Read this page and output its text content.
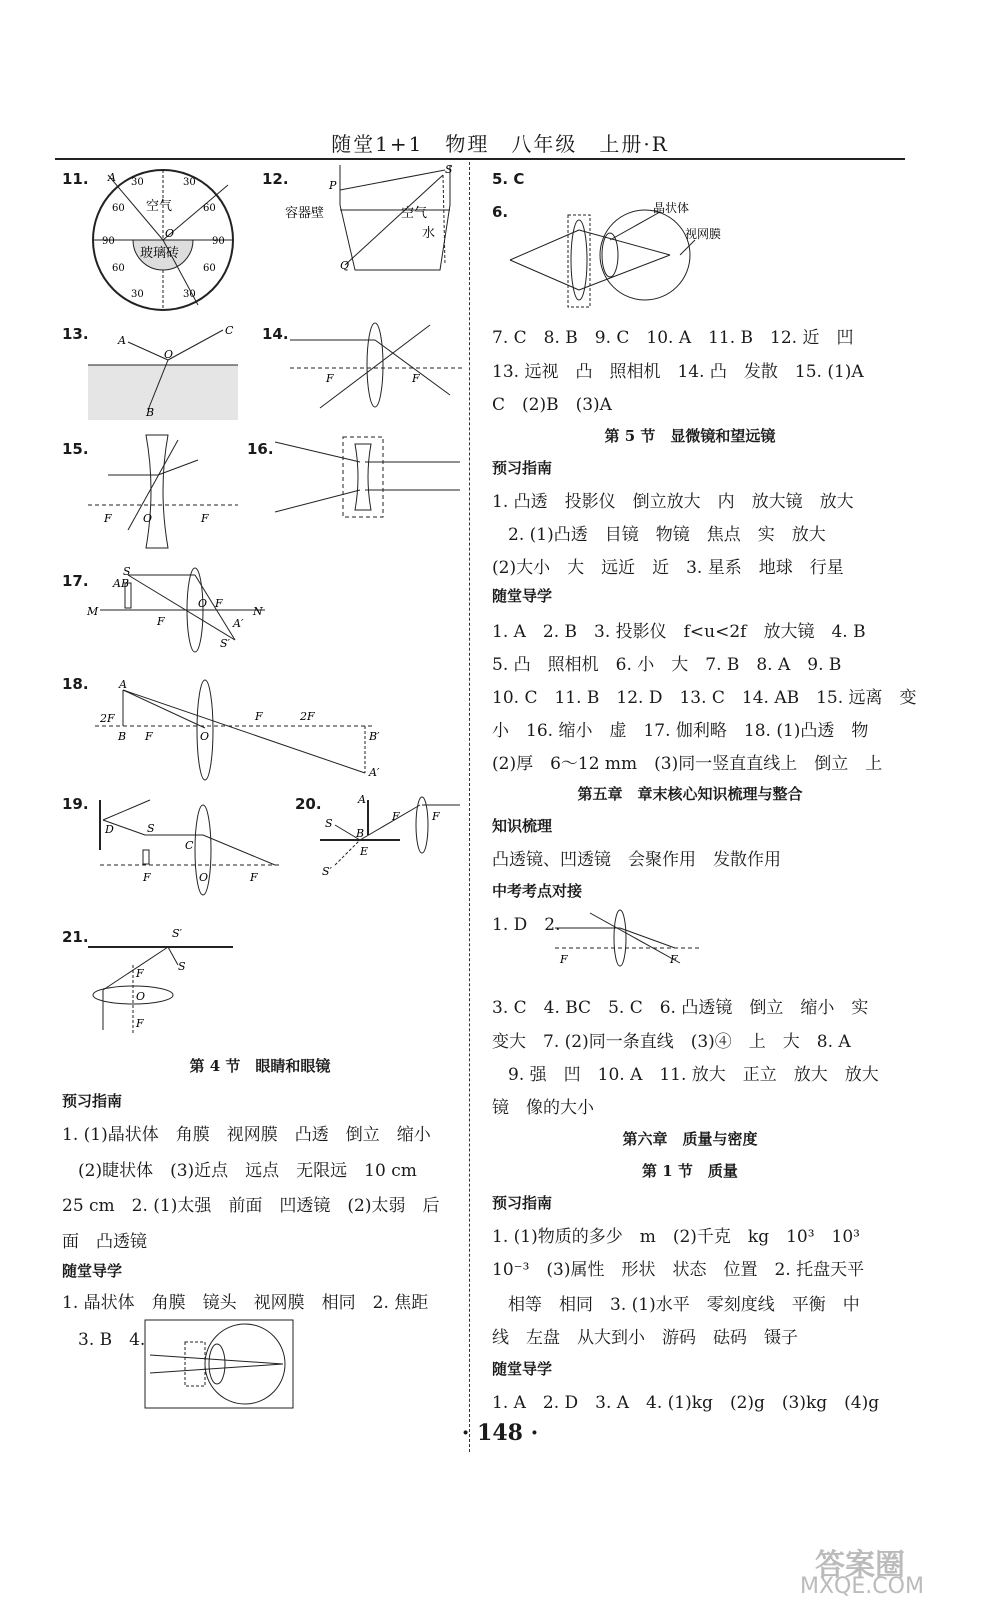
随堂1+1　物理　八年级　上册·R
11. A
O
空气
玻璃砖
30
60
90
60
30
30
60
90
60
30
12.	P
S
Q
容器壁	空气
水
13.	A
C
O
B
14.
F	F
15.
F	O	F
16.
17.
S
A B
M
O
F
F
N
A′
S′
18.	A
2F
B F	O
F	2F
B′
A′
19.
D	S
C
F	O	F
20.	A
S
B
F	F
E
S′
21.	S′
S
F
O
F
第 4 节　眼睛和眼镜
预习指南
1. (1)晶状体　角膜　视网膜　凸透　倒立　缩小
(2)睫状体　(3)近点　远点　无限远　10 cm
25 cm　2. (1)太强　前面　凹透镜　(2)太弱　后
面　凸透镜
随堂导学
1. 晶状体　角膜　镜头　视网膜　相同　2. 焦距
3. B　4.
5. C
6.	晶状体
视网膜
7. C　8. B　9. C　10. A　11. B　12. 近　凹
13. 远视　凸　照相机　14. 凸　发散　15. (1)A
C　(2)B　(3)A
第 5 节　显微镜和望远镜
预习指南
1. 凸透　投影仪　倒立放大　内　放大镜　放大
2. (1)凸透　目镜　物镜　焦点　实　放大
(2)大小　大　远近　近　3. 星系　地球　行星
随堂导学
1. A　2. B　3. 投影仪　f<u<2f　放大镜　4. B
5. 凸　照相机　6. 小　大　7. B　8. A　9. B
10. C　11. B　12. D　13. C　14. AB　15. 远离　变
小　16. 缩小　虚　17. 伽利略　18. (1)凸透　物
(2)厚　6～12 mm　(3)同一竖直直线上　倒立　上
第五章　章末核心知识梳理与整合
知识梳理
凸透镜、凹透镜　会聚作用　发散作用
中考考点对接
1. D　2.
F	F
3. C　4. BC　5. C　6. 凸透镜　倒立　缩小　实
变大　7. (2)同一条直线　(3)④　上　大　8. A
9. 强　凹　10. A　11. 放大　正立　放大　放大
镜　像的大小
第六章　质量与密度
第 1 节　质量
预习指南
1. (1)物质的多少　m　(2)千克　kg　10³　10³
10⁻³　(3)属性　形状　状态　位置　2. 托盘天平
相等　相同　3. (1)水平　零刻度线　平衡　中
线　左盘　从大到小　游码　砝码　镊子
随堂导学
1. A　2. D　3. A　4. (1)kg　(2)g　(3)kg　(4)g
· 148 ·
答案圈
MXQE.COM
